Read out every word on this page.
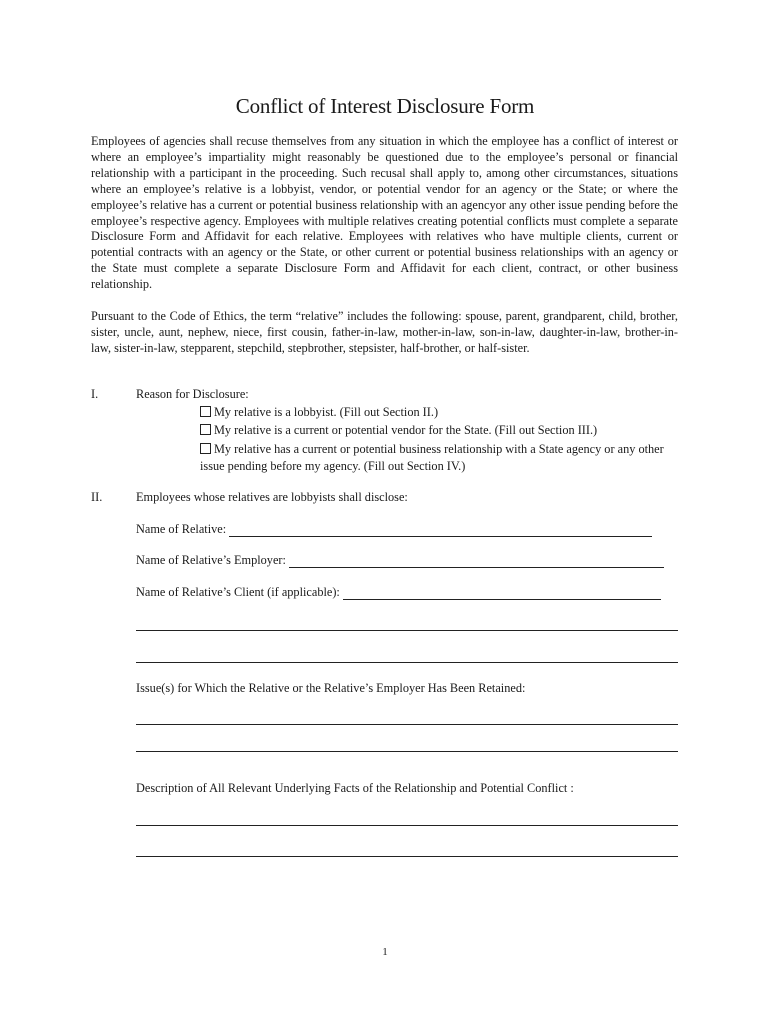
Conflict of Interest Disclosure Form

Employees of agencies shall recuse themselves from any situation in which the employee has a conflict of interest or where an employee’s impartiality might reasonably be questioned due to the employee’s personal or financial relationship with a participant in the proceeding. Such recusal shall apply to, among other circumstances, situations where an employee’s relative is a lobbyist, vendor, or potential vendor for an agency or the State; or where the employee’s relative has a current or potential business relationship with an agencyor any other issue pending before the employee’s respective agency. Employees with multiple relatives creating potential conflicts must complete a separate Disclosure Form and Affidavit for each relative. Employees with relatives who have multiple clients, current or potential contracts with an agency or the State, or other current or potential business relationships with an agency or the State must complete a separate Disclosure Form and Affidavit for each client, contract, or other business relationship.

Pursuant to the Code of Ethics, the term “relative” includes the following: spouse, parent, grandparent, child, brother, sister, uncle, aunt, nephew, niece, first cousin, father-in-law, mother-in-law, son-in-law, daughter-in-law, brother-in-law, sister-in-law, stepparent, stepchild, stepbrother, stepsister, half-brother, or half-sister.

I.	Reason for Disclosure:
My relative is a lobbyist. (Fill out Section II.)
My relative is a current or potential vendor for the State. (Fill out Section III.)
My relative has a current or potential business relationship with a State agency or any other issue pending before my agency. (Fill out Section IV.)
II.	Employees whose relatives are lobbyists shall disclose:
Name of Relative:
Name of Relative’s Employer:
Name of Relative’s Client (if applicable):
Issue(s) for Which the Relative or the Relative’s Employer Has Been Retained:
Description of All Relevant Underlying Facts of the Relationship and Potential Conflict :
1
